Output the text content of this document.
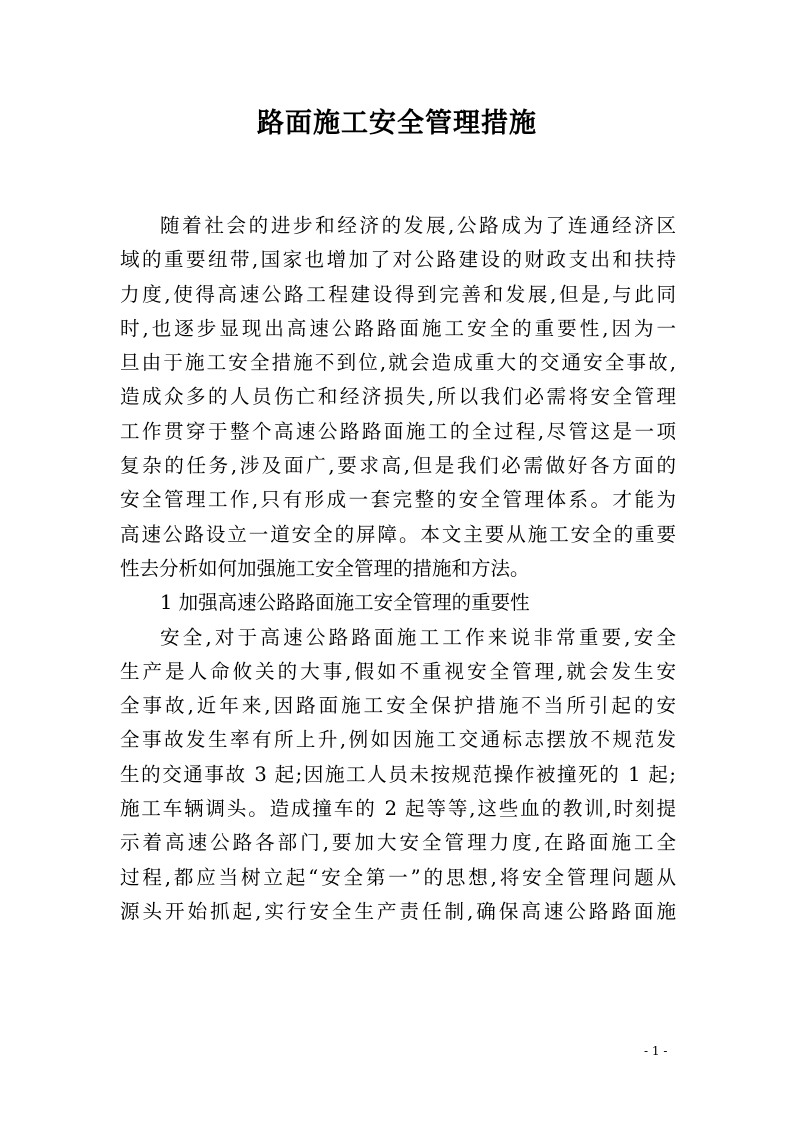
路面施工安全管理措施
随着社会的进步和经济的发展,公路成为了连通经济区
域的重要纽带,国家也增加了对公路建设的财政支出和扶持
力度,使得高速公路工程建设得到完善和发展,但是,与此同
时,也逐步显现出高速公路路面施工安全的重要性,因为一
旦由于施工安全措施不到位,就会造成重大的交通安全事故,
造成众多的人员伤亡和经济损失,所以我们必需将安全管理
工作贯穿于整个高速公路路面施工的全过程,尽管这是一项
复杂的任务,涉及面广,要求高,但是我们必需做好各方面的
安全管理工作,只有形成一套完整的安全管理体系。才能为
高速公路设立一道安全的屏障。本文主要从施工安全的重要
性去分析如何加强施工安全管理的措施和方法。
1 加强高速公路路面施工安全管理的重要性
安全,对于高速公路路面施工工作来说非常重要,安全
生产是人命攸关的大事,假如不重视安全管理,就会发生安
全事故,近年来,因路面施工安全保护措施不当所引起的安
全事故发生率有所上升,例如因施工交通标志摆放不规范发
生的交通事故 3 起;因施工人员未按规范操作被撞死的 1 起;
施工车辆调头。造成撞车的 2 起等等,这些血的教训,时刻提
示着高速公路各部门,要加大安全管理力度,在路面施工全
过程,都应当树立起“安全第一”的思想,将安全管理问题从
源头开始抓起,实行安全生产责任制,确保高速公路路面施
- 1 -
